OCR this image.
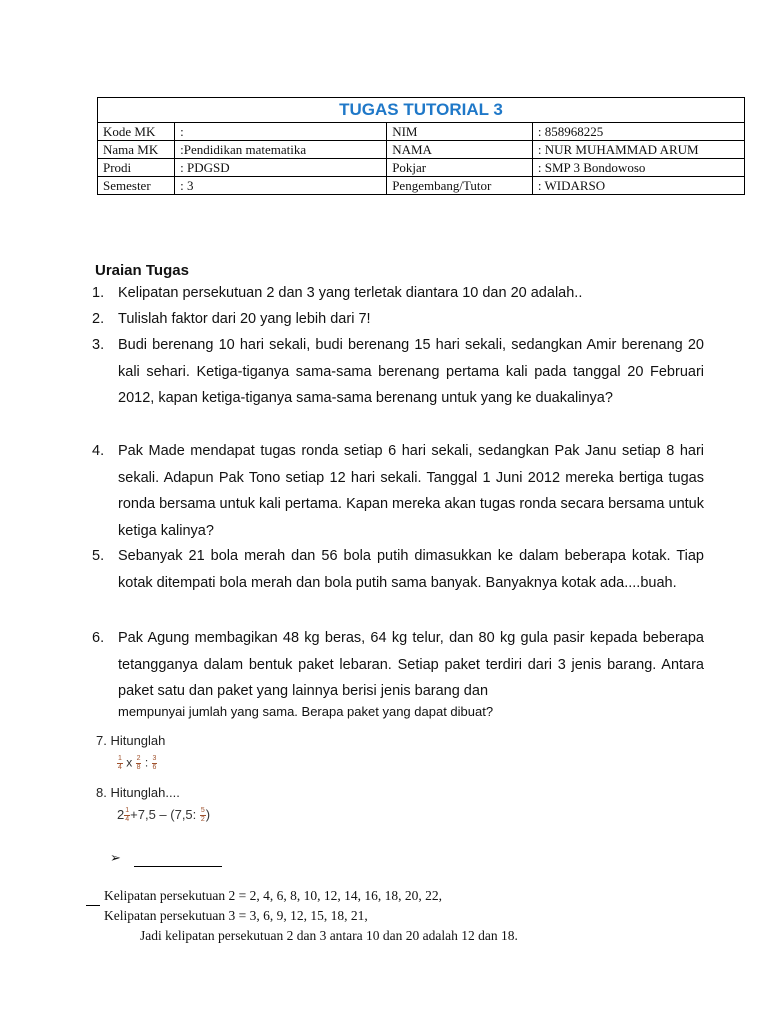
TUGAS TUTORIAL 3			
Kode MK	:	NIM	: 858968225
Nama MK	:Pendidikan matematika	NAMA	: NUR MUHAMMAD ARUM
Prodi	: PDGSD	Pokjar	: SMP 3 Bondowoso
Semester	: 3	Pengembang/Tutor	: WIDARSO
Uraian Tugas
1. Kelipatan persekutuan 2 dan 3 yang terletak diantara 10 dan 20 adalah..
2. Tulislah faktor dari 20 yang lebih dari 7!
3. Budi berenang 10 hari sekali, budi berenang 15 hari sekali, sedangkan Amir berenang 20 kali sehari. Ketiga-tiganya sama-sama berenang pertama kali pada tanggal 20 Februari 2012, kapan ketiga-tiganya sama-sama berenang untuk yang ke duakalinya?
4. Pak Made mendapat tugas ronda setiap 6 hari sekali, sedangkan Pak Janu setiap 8 hari sekali. Adapun Pak Tono setiap 12 hari sekali. Tanggal 1 Juni 2012 mereka bertiga tugas ronda bersama untuk kali pertama. Kapan mereka akan tugas ronda secara bersama untuk ketiga kalinya?
5. Sebanyak 21 bola merah dan 56 bola putih dimasukkan ke dalam beberapa kotak. Tiap kotak ditempati bola merah dan bola putih sama banyak. Banyaknya kotak ada....buah.
6. Pak Agung membagikan 48 kg beras, 64 kg telur, dan 80 kg gula pasir kepada beberapa tetangganya dalam bentuk paket lebaran. Setiap paket terdiri dari 3 jenis barang. Antara paket satu dan paket yang lainnya berisi jenis barang dan
mempunyai jumlah yang sama. Berapa paket yang dapat dibuat?
7. Hitunglah
$\frac{1}{4}$ x $\frac{2}{8}$ : $\frac{3}{6}$
8. Hitunglah....
$2 \frac{1}{4} +7,5 - (7,5$: $\frac{5}{2}$ )
➢
Kelipatan persekutuan 2 = 2, 4, 6, 8, 10, 12, 14, 16, 18, 20, 22,
Kelipatan persekutuan 3 = 3, 6, 9, 12, 15, 18, 21,
Jadi kelipatan persekutuan 2 dan 3 antara 10 dan 20 adalah 12 dan 18.
